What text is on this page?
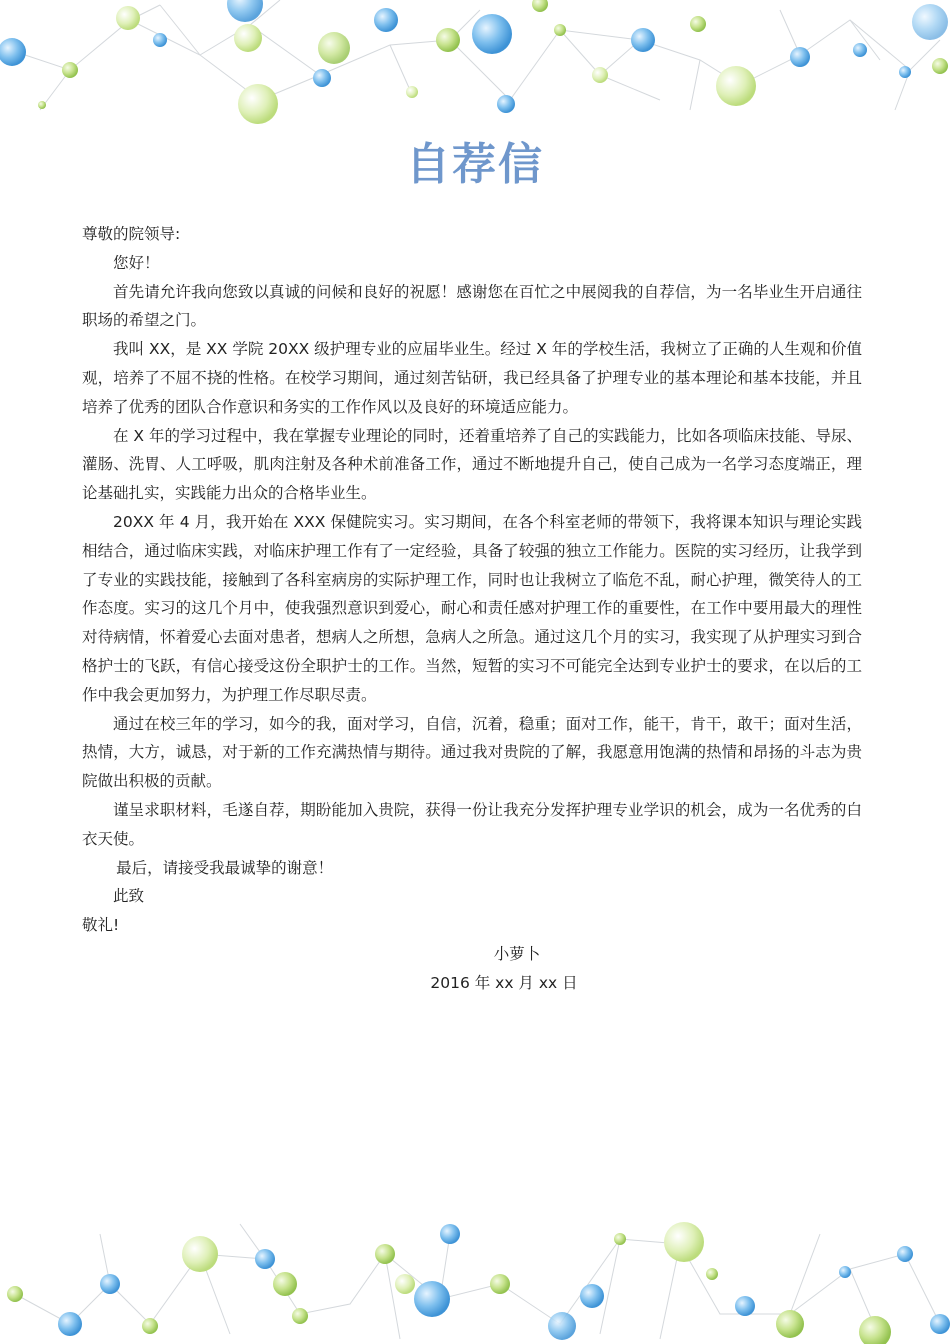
自荐信

尊敬的院领导:

您好！

首先请允许我向您致以真诚的问候和良好的祝愿！感谢您在百忙之中展阅我的自荐信，为一名毕业生开启通往职场的希望之门。

我叫 XX，是 XX 学院 20XX 级护理专业的应届毕业生。经过 X 年的学校生活，我树立了正确的人生观和价值观，培养了不屈不挠的性格。在校学习期间，通过刻苦钻研，我已经具备了护理专业的基本理论和基本技能，并且培养了优秀的团队合作意识和务实的工作作风以及良好的环境适应能力。

在 X 年的学习过程中，我在掌握专业理论的同时，还着重培养了自己的实践能力，比如各项临床技能、导尿、灌肠、洗胃、人工呼吸，肌肉注射及各种术前准备工作，通过不断地提升自己，使自己成为一名学习态度端正，理论基础扎实，实践能力出众的合格毕业生。

20XX 年 4 月，我开始在 XXX 保健院实习。实习期间，在各个科室老师的带领下，我将课本知识与理论实践相结合，通过临床实践，对临床护理工作有了一定经验，具备了较强的独立工作能力。医院的实习经历，让我学到了专业的实践技能，接触到了各科室病房的实际护理工作，同时也让我树立了临危不乱，耐心护理，微笑待人的工作态度。实习的这几个月中，使我强烈意识到爱心，耐心和责任感对护理工作的重要性，在工作中要用最大的理性对待病情，怀着爱心去面对患者，想病人之所想，急病人之所急。通过这几个月的实习，我实现了从护理实习到合格护士的飞跃，有信心接受这份全职护士的工作。当然，短暂的实习不可能完全达到专业护士的要求，在以后的工作中我会更加努力，为护理工作尽职尽责。

通过在校三年的学习，如今的我，面对学习，自信，沉着，稳重；面对工作，能干，肯干，敢干；面对生活，热情，大方，诚恳，对于新的工作充满热情与期待。通过我对贵院的了解，我愿意用饱满的热情和昂扬的斗志为贵院做出积极的贡献。

谨呈求职材料，毛遂自荐，期盼能加入贵院，获得一份让我充分发挥护理专业学识的机会，成为一名优秀的白衣天使。

最后，请接受我最诚挚的谢意！

此致

敬礼!

小萝卜
2016 年 xx 月 xx 日
